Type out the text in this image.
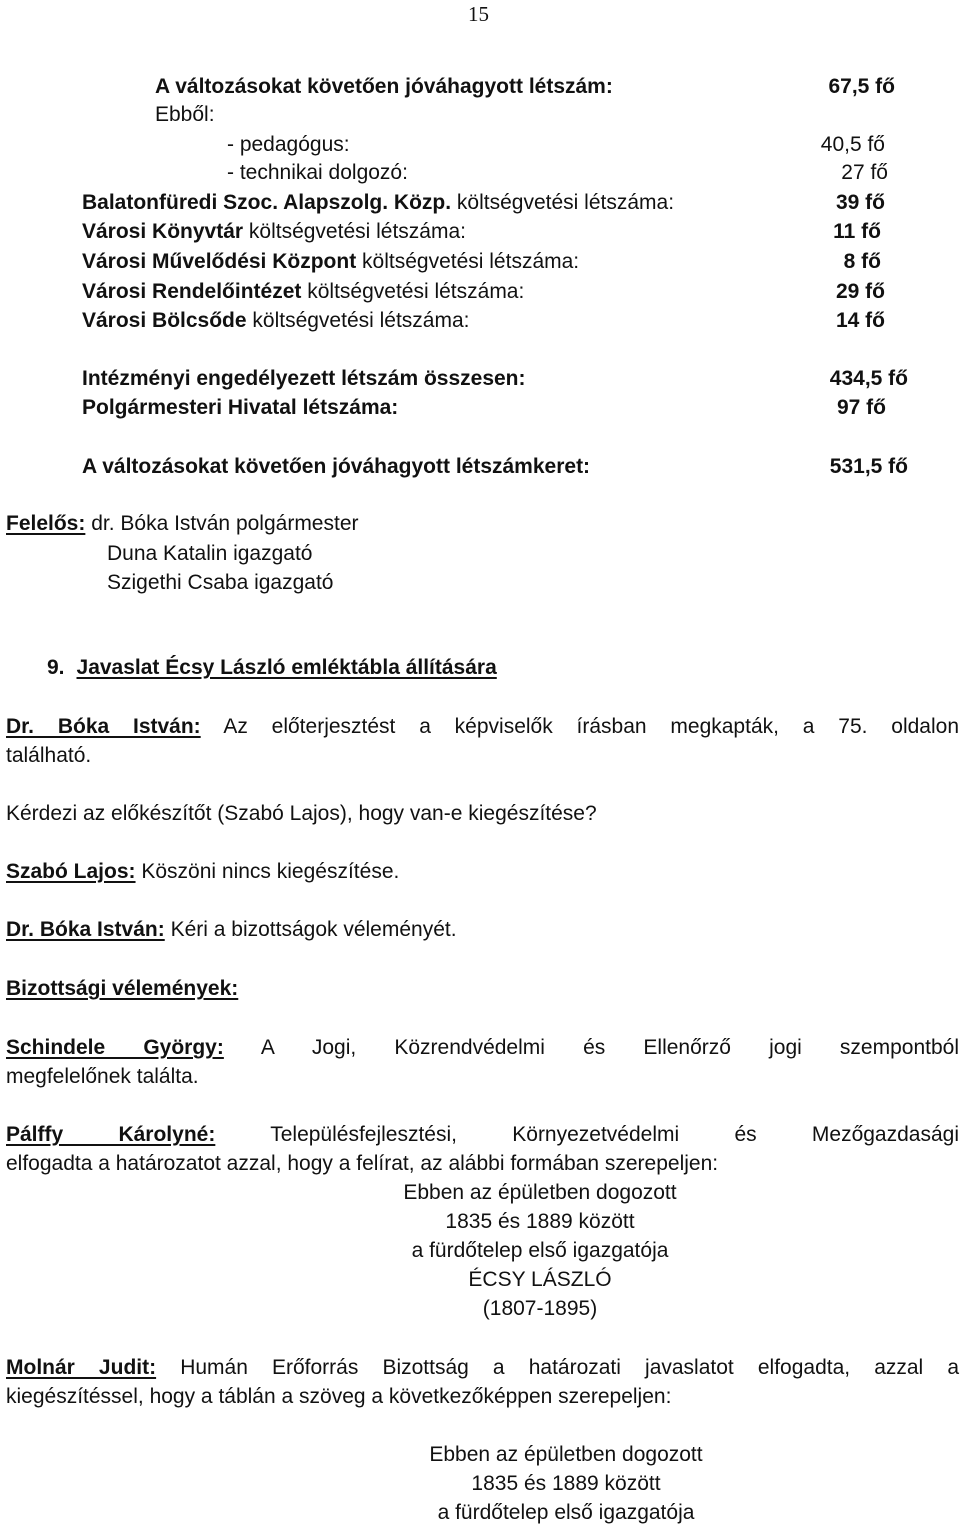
15
A változásokat követően jóváhagyott létszám:	67,5 fő
Ebből:
- pedagógus:	40,5 fő
- technikai dolgozó:	27 fő
Balatonfüredi Szoc. Alapszolg. Közp. költségvetési létszáma:	39 fő
Városi Könyvtár költségvetési létszáma:	11 fő
Városi Művelődési Központ költségvetési létszáma:	8 fő
Városi Rendelőintézet költségvetési létszáma:	29 fő
Városi Bölcsőde költségvetési létszáma:	14 fő
Intézményi engedélyezett létszám összesen:	434,5 fő
Polgármesteri Hivatal létszáma:	97 fő
A változásokat követően jóváhagyott létszámkeret:	531,5 fő
Felelős: dr. Bóka István polgármester
Duna Katalin igazgató
Szigethi Csaba igazgató
9. Javaslat Écsy László emléktábla állítására
Dr. Bóka István: Az előterjesztést a képviselők írásban megkapták, a 75. oldalon
található.
Kérdezi az előkészítőt (Szabó Lajos), hogy van-e kiegészítése?
Szabó Lajos: Köszöni nincs kiegészítése.
Dr. Bóka István: Kéri a bizottságok véleményét.
Bizottsági vélemények:
Schindele György: A Jogi, Közrendvédelmi és Ellenőrző jogi szempontból
megfelelőnek találta.
Pálffy Károlyné: Településfejlesztési, Környezetvédelmi és Mezőgazdasági
elfogadta a határozatot azzal, hogy a felírat, az alábbi formában szerepeljen:
Ebben az épületben dogozott
1835 és 1889 között
a fürdőtelep első igazgatója
ÉCSY LÁSZLÓ
(1807-1895)
Molnár Judit: Humán Erőforrás Bizottság a határozati javaslatot elfogadta, azzal a
kiegészítéssel, hogy a táblán a szöveg a következőképpen szerepeljen:
Ebben az épületben dogozott
1835 és 1889 között
a fürdőtelep első igazgatója
